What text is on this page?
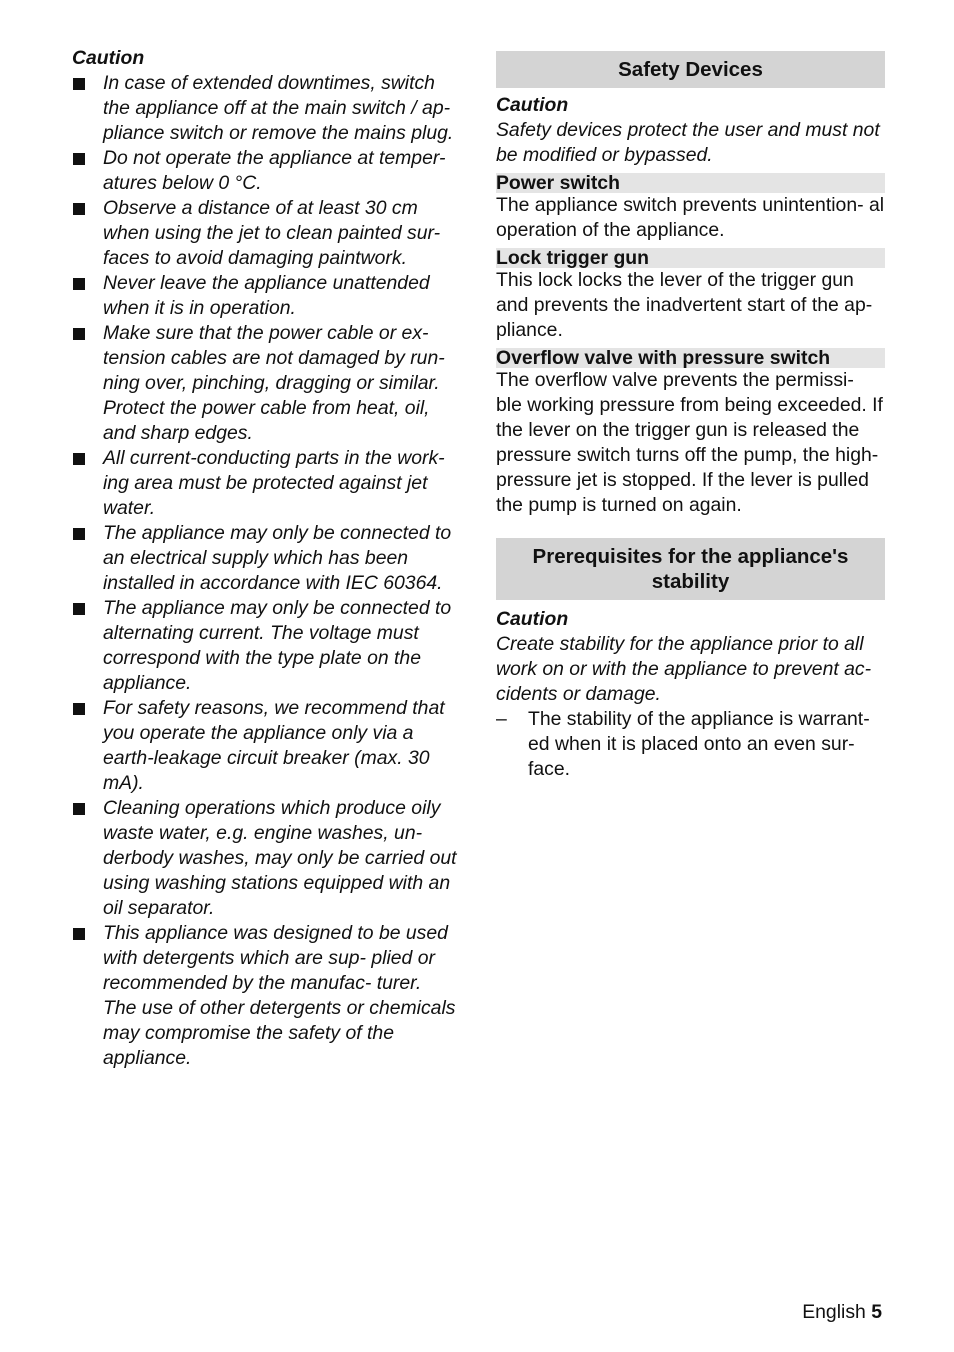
Caution
In case of extended downtimes, switch the appliance off at the main switch / ap- pliance switch or remove the mains plug.
Do not operate the appliance at temper- atures below 0 °C.
Observe a distance of at least 30 cm when using the jet to clean painted sur- faces to avoid damaging paintwork.
Never leave the appliance unattended when it is in operation.
Make sure that the power cable or ex- tension cables are not damaged by run- ning over, pinching, dragging or similar. Protect the power cable from heat, oil, and sharp edges.
All current-conducting parts in the work- ing area must be protected against jet water.
The appliance may only be connected to an electrical supply which has been installed in accordance with IEC 60364.
The appliance may only be connected to alternating current. The voltage must correspond with the type plate on the appliance.
For safety reasons, we recommend that you operate the appliance only via a earth-leakage circuit breaker (max. 30 mA).
Cleaning operations which produce oily waste water, e.g. engine washes, un- derbody washes, may only be carried out using washing stations equipped with an oil separator.
This appliance was designed to be used with detergents which are sup- plied or recommended by the manufac- turer. The use of other detergents or chemicals may compromise the safety of the appliance.
Safety Devices
Caution
Safety devices protect the user and must not be modified or bypassed.
Power switch
The appliance switch prevents unintention- al operation of the appliance.
Lock trigger gun
This lock locks the lever of the trigger gun and prevents the inadvertent start of the ap- pliance.
Overflow valve with pressure switch
The overflow valve prevents the permissi- ble working pressure from being exceeded. If the lever on the trigger gun is released the pressure switch turns off the pump, the high-pressure jet is stopped. If the lever is pulled the pump is turned on again.
Prerequisites for the appliance's stability
Caution
Create stability for the appliance prior to all work on or with the appliance to prevent ac- cidents or damage.
– The stability of the appliance is warrant- ed when it is placed onto an even sur- face.
English 5
